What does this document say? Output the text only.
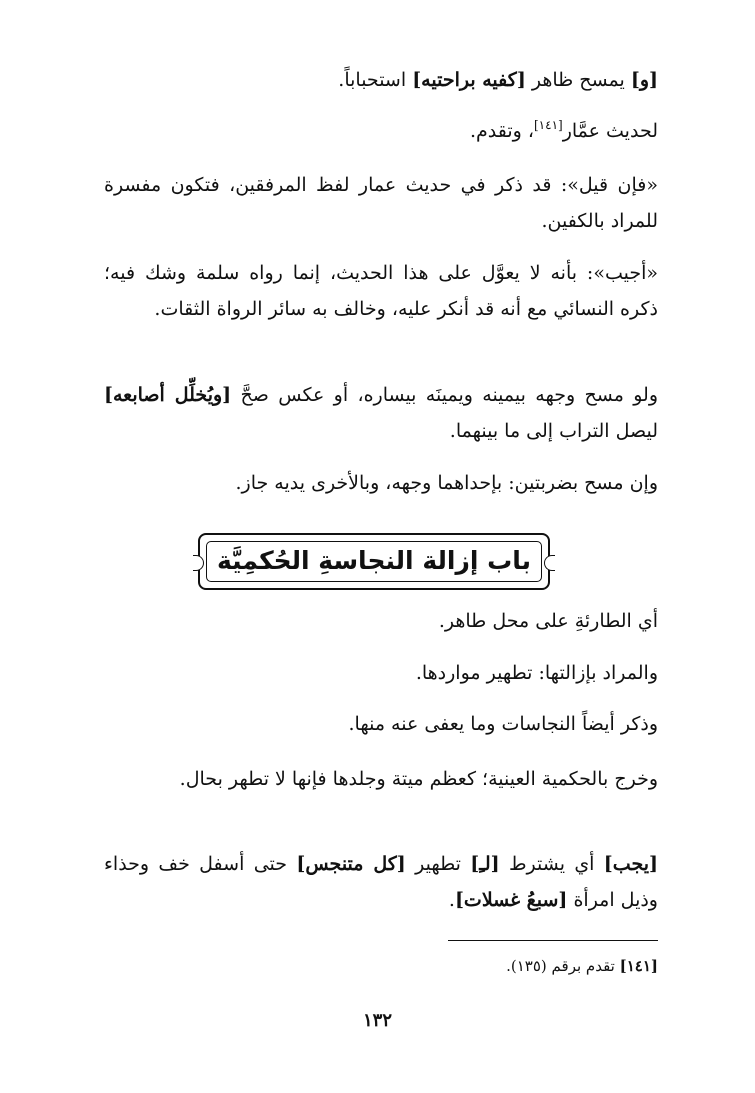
[و] يمسح ظاهر [كفيه براحتيه] استحباباً.

لحديث عمَّار[١٤١]، وتقدم.

«فإن قيل»: قد ذكر في حديث عمار لفظ المرفقين، فتكون مفسرة للمراد بالكفين.

«أجيب»: بأنه لا يعوَّل على هذا الحديث، إنما رواه سلمة وشك فيه؛ ذكره النسائي مع أنه قد أنكر عليه، وخالف به سائر الرواة الثقات.

ولو مسح وجهه بيمينه ويمينَه بيساره، أو عكس صحَّ [ويُخلِّل أصابعه] ليصل التراب إلى ما بينهما.

وإن مسح بضربتين: بإحداهما وجهه، وبالأخرى يديه جاز.

باب إزالة النجاسةِ الحُكمِيَّة

أي الطارئةِ على محل طاهر.

والمراد بإزالتها: تطهير مواردها.

وذكر أيضاً النجاسات وما يعفى عنه منها.

وخرج بالحكمية العينية؛ كعظم ميتة وجلدها فإنها لا تطهر بحال.

[يجب] أي يشترط [لـِ] تطهير [كل متنجس] حتى أسفل خف وحذاء وذيل امرأة [سبعُ غسلات].

[١٤١] تقدم برقم (١٣٥).
١٣٢
